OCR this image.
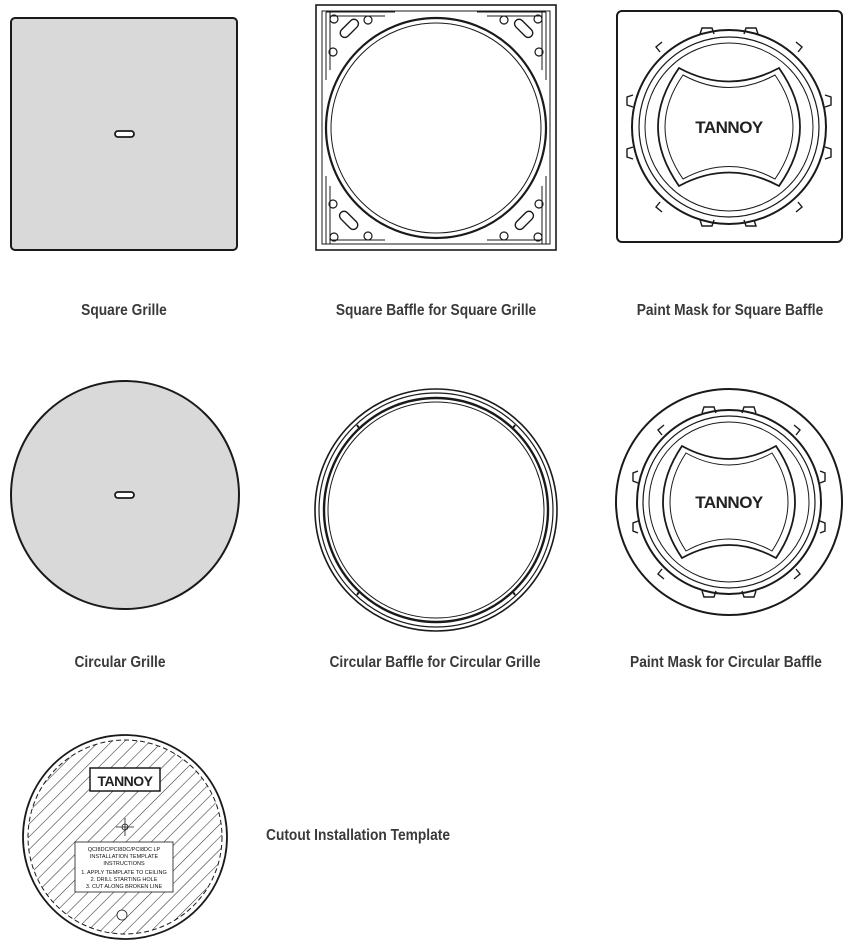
TANNOY
TANNOY
TANNOY
QCI8DC/PCI8DC/PCI8DC LP
INSTALLATION TEMPLATE
INSTRUCTIONS
1. APPLY TEMPLATE TO CEILING
2. DRILL STARTING HOLE
3. CUT ALONG BROKEN LINE
Square Grille	Square Baffle for Square Grille	Paint Mask for Square Baffle
Circular Grille	Circular Baffle for Circular Grille	Paint Mask for Circular Baffle
Cutout Installation Template
